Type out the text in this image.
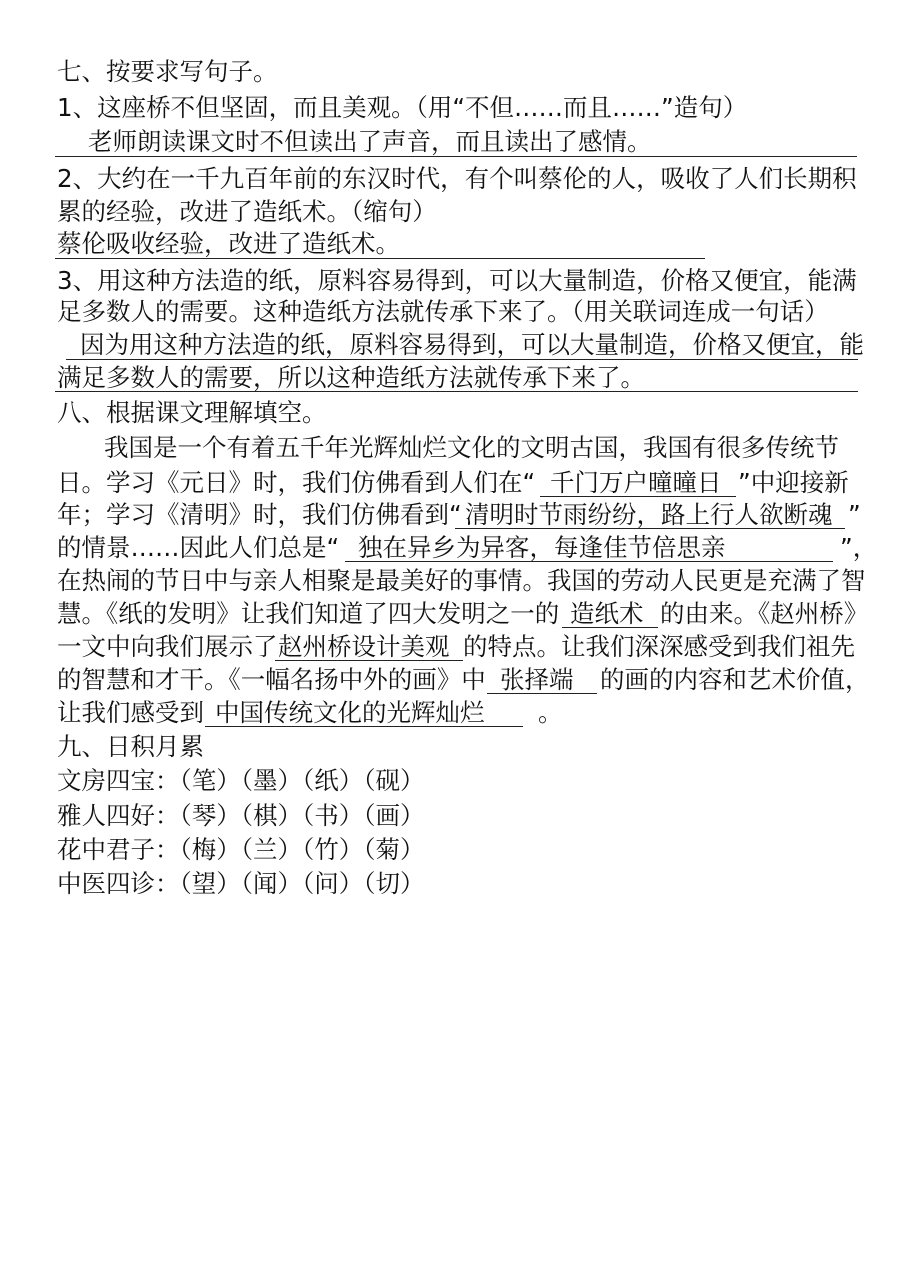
七、按要求写句子。
1、这座桥不但坚固，而且美观。（用“不但……而且……”造句）
老师朗读课文时不但读出了声音，而且读出了感情。
2、大约在一千九百年前的东汉时代，有个叫蔡伦的人，吸收了人们长期积
累的经验，改进了造纸术。（缩句）
蔡伦吸收经验，改进了造纸术。
3、用这种方法造的纸，原料容易得到，可以大量制造，价格又便宜，能满
足多数人的需要。这种造纸方法就传承下来了。（用关联词连成一句话）
因为用这种方法造的纸，原料容易得到，可以大量制造，价格又便宜，能
满足多数人的需要，所以这种造纸方法就传承下来了。
八、根据课文理解填空。
我国是一个有着五千年光辉灿烂文化的文明古国，我国有很多传统节
日。学习《元日》时，我们仿佛看到人们在“ 千门万户曈曈日 ”中迎接新
年；学习《清明》时，我们仿佛看到“ 清明时节雨纷纷，路上行人欲断魂 ”
的情景……因此人们总是“ 独在异乡为异客，每逢佳节倍思亲	”，
在热闹的节日中与亲人相聚是最美好的事情。我国的劳动人民更是充满了智
慧。《纸的发明》让我们知道了四大发明之一的 造纸术 的由来。《赵州桥》
一文中向我们展示了 赵州桥设计美观 的特点。让我们深深感受到我们祖先
的智慧和才干。《一幅名扬中外的画》中 张择端 的画的内容和艺术价值，
让我们感受到 中国传统文化的光辉灿烂 。
九、日积月累
文房四宝：（笔）（墨）（纸）（砚）
雅人四好：（琴）（棋）（书）（画）
花中君子：（梅）（兰）（竹）（菊）
中医四诊：（望）（闻）（问）（切）
